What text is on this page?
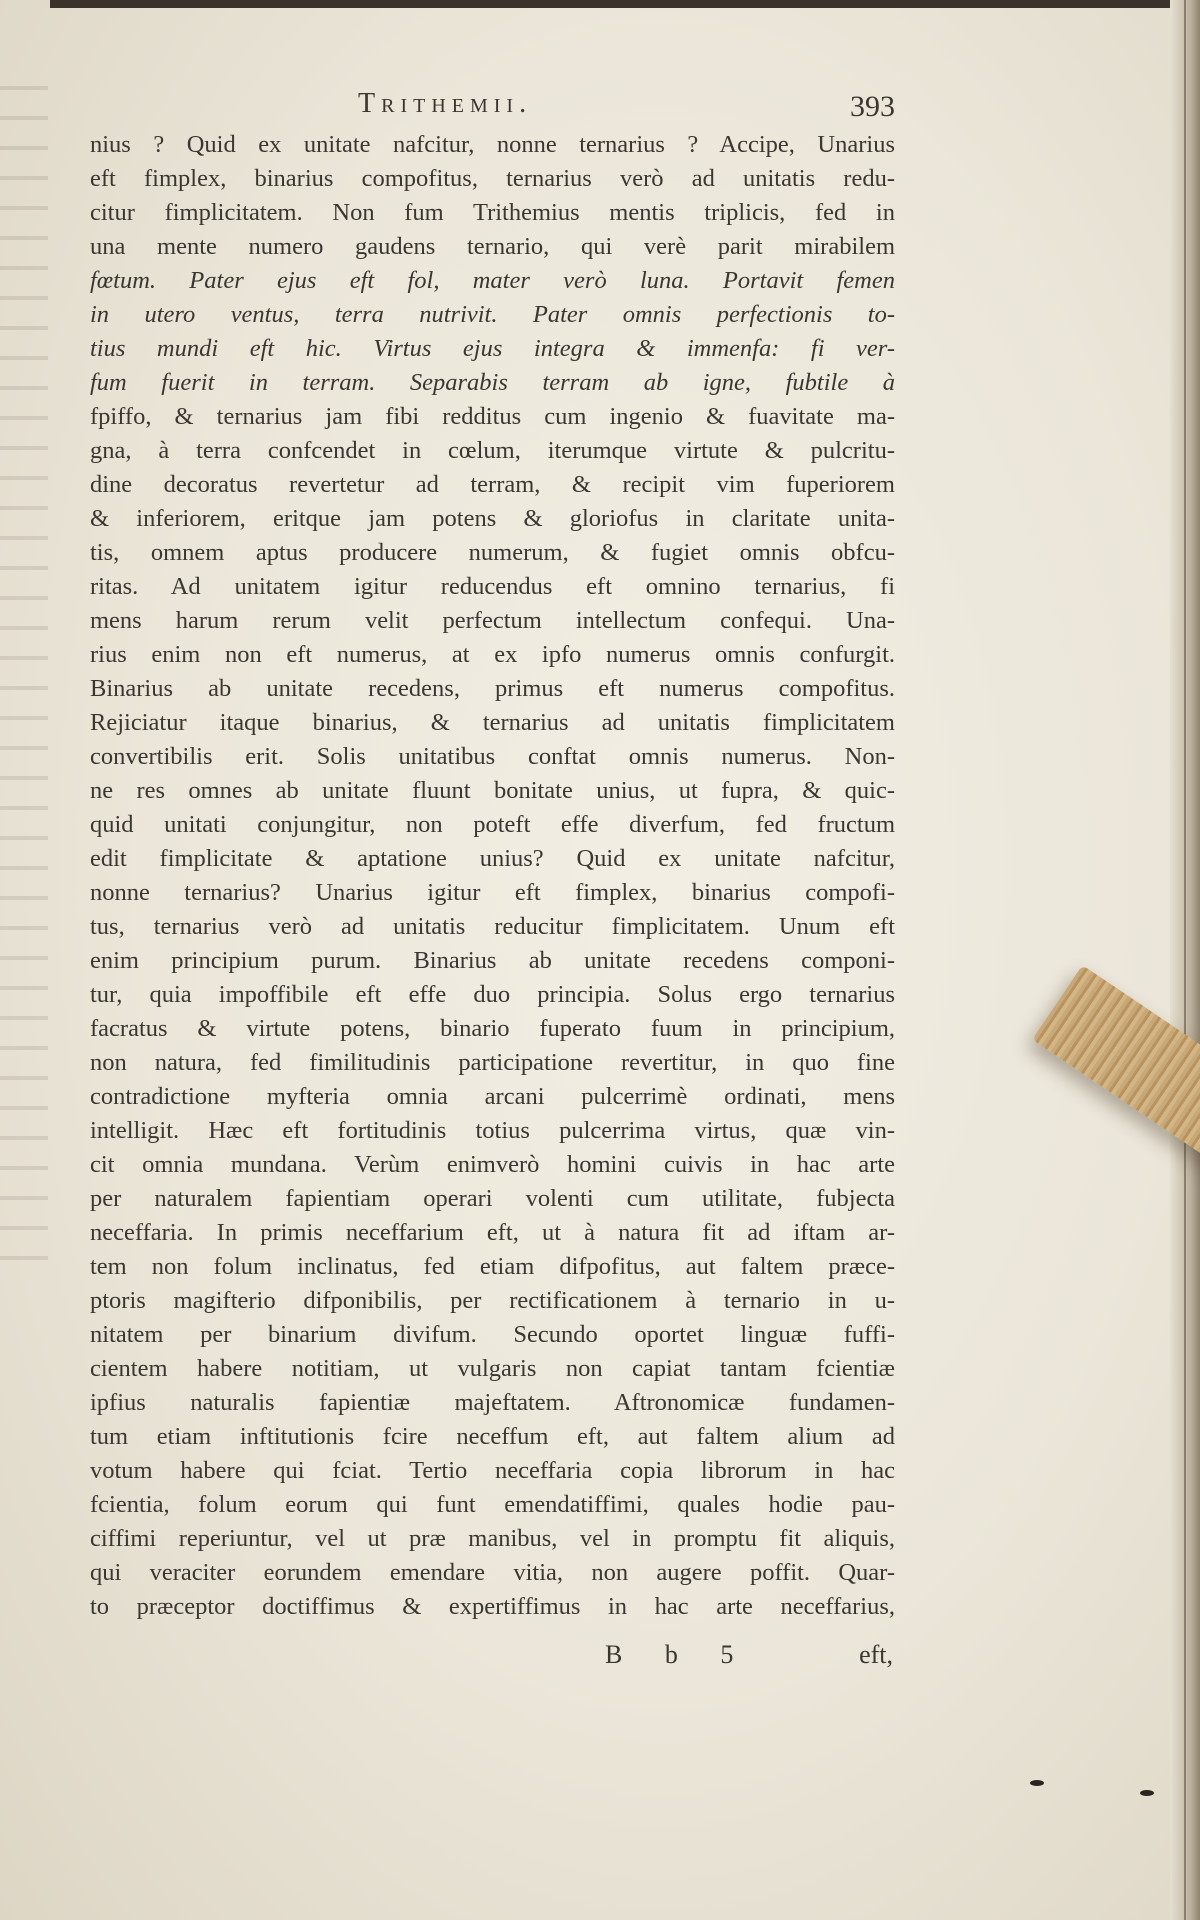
Trithemii.	393
nius ? Quid ex unitate nafcitur, nonne ternarius ? Accipe, Unarius
eft fimplex, binarius compofitus, ternarius verò ad unitatis redu-
citur fimplicitatem. Non fum Trithemius mentis triplicis, fed in
una mente numero gaudens ternario, qui verè parit mirabilem
fœtum. Pater ejus eft fol, mater verò luna. Portavit femen
in utero ventus, terra nutrivit. Pater omnis perfectionis to-
tius mundi eft hic. Virtus ejus integra & immenfa: fi ver-
fum fuerit in terram. Separabis terram ab igne, fubtile à
fpiffo, & ternarius jam fibi redditus cum ingenio & fuavitate ma-
gna, à terra confcendet in cœlum, iterumque virtute & pulcritu-
dine decoratus revertetur ad terram, & recipit vim fuperiorem
& inferiorem, eritque jam potens & gloriofus in claritate unita-
tis, omnem aptus producere numerum, & fugiet omnis obfcu-
ritas. Ad unitatem igitur reducendus eft omnino ternarius, fi
mens harum rerum velit perfectum intellectum confequi. Una-
rius enim non eft numerus, at ex ipfo numerus omnis confurgit.
Binarius ab unitate recedens, primus eft numerus compofitus.
Rejiciatur itaque binarius, & ternarius ad unitatis fimplicitatem
convertibilis erit. Solis unitatibus conftat omnis numerus. Non-
ne res omnes ab unitate fluunt bonitate unius, ut fupra, & quic-
quid unitati conjungitur, non poteft effe diverfum, fed fructum
edit fimplicitate & aptatione unius? Quid ex unitate nafcitur,
nonne ternarius? Unarius igitur eft fimplex, binarius compofi-
tus, ternarius verò ad unitatis reducitur fimplicitatem. Unum eft
enim principium purum. Binarius ab unitate recedens componi-
tur, quia impoffibile eft effe duo principia. Solus ergo ternarius
facratus & virtute potens, binario fuperato fuum in principium,
non natura, fed fimilitudinis participatione revertitur, in quo fine
contradictione myfteria omnia arcani pulcerrimè ordinati, mens
intelligit. Hæc eft fortitudinis totius pulcerrima virtus, quæ vin-
cit omnia mundana. Verùm enimverò homini cuivis in hac arte
per naturalem fapientiam operari volenti cum utilitate, fubjecta
neceffaria. In primis neceffarium eft, ut à natura fit ad iftam ar-
tem non folum inclinatus, fed etiam difpofitus, aut faltem præce-
ptoris magifterio difponibilis, per rectificationem à ternario in u-
nitatem per binarium divifum. Secundo oportet linguæ fuffi-
cientem habere notitiam, ut vulgaris non capiat tantam fcientiæ
ipfius naturalis fapientiæ majeftatem. Aftronomicæ fundamen-
tum etiam inftitutionis fcire neceffum eft, aut faltem alium ad
votum habere qui fciat. Tertio neceffaria copia librorum in hac
fcientia, folum eorum qui funt emendatiffimi, quales hodie pau-
ciffimi reperiuntur, vel ut præ manibus, vel in promptu fit aliquis,
qui veraciter eorundem emendare vitia, non augere poffit. Quar-
to præceptor doctiffimus & expertiffimus in hac arte neceffarius,
B b 5	eft,
